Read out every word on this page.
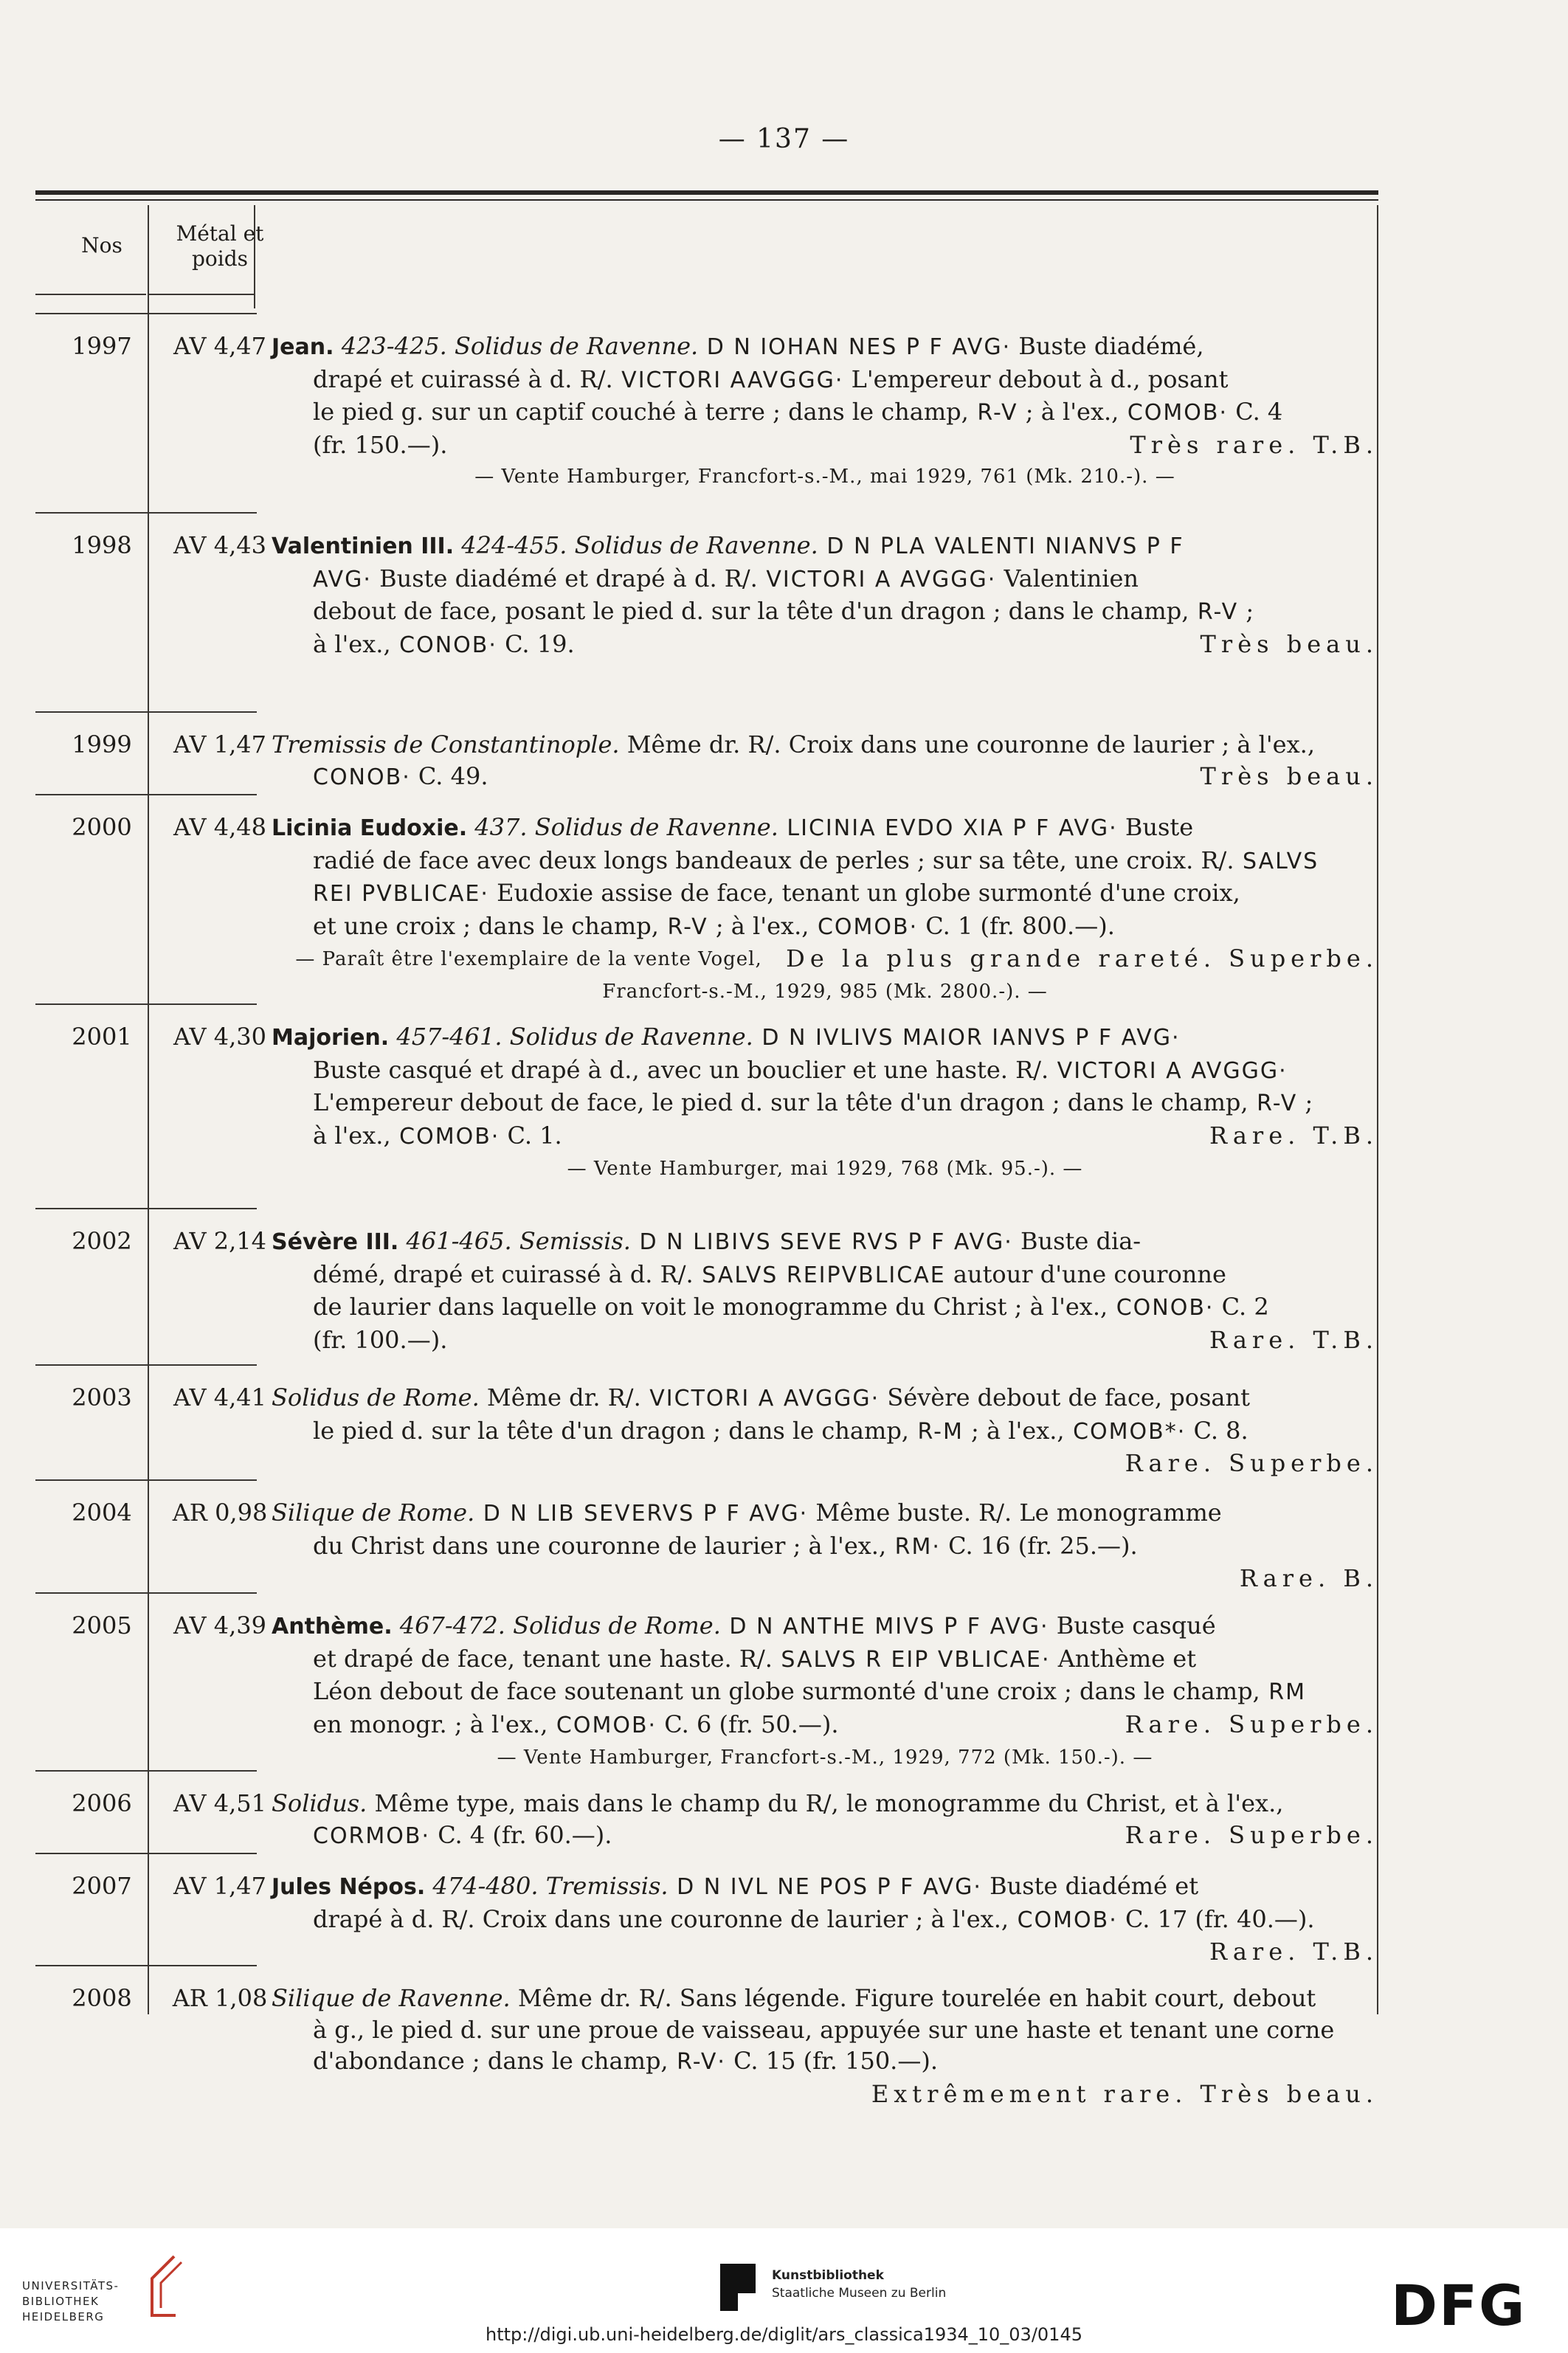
— 137 —
Nos	Métal et
poids
1997	AV 4,47 Jean. 423-425. Solidus de Ravenne. D N IOHAN NES P F AVG· Buste diadémé,
drapé et cuirassé à d. R/. VICTORI AAVGGG· L'empereur debout à d., posant
le pied g. sur un captif couché à terre ; dans le champ, R-V ; à l'ex., COMOB· C. 4
(fr. 150.—).	Très rare. T.B.
— Vente Hamburger, Francfort-s.-M., mai 1929, 761 (Mk. 210.-). —
1998	AV 4,43 Valentinien III. 424-455. Solidus de Ravenne. D N PLA VALENTI NIANVS P F
AVG· Buste diadémé et drapé à d. R/. VICTORI A AVGGG· Valentinien
debout de face, posant le pied d. sur la tête d'un dragon ; dans le champ, R-V ;
à l'ex., CONOB· C. 19.	Très beau.
1999	AV 1,47 Tremissis de Constantinople. Même dr. R/. Croix dans une couronne de laurier ; à l'ex.,
CONOB· C. 49.	Très beau.
2000	AV 4,48 Licinia Eudoxie. 437. Solidus de Ravenne. LICINIA EVDO XIA P F AVG· Buste
radié de face avec deux longs bandeaux de perles ; sur sa tête, une croix. R/. SALVS
REI PVBLICAE· Eudoxie assise de face, tenant un globe surmonté d'une croix,
et une croix ; dans le champ, R-V ; à l'ex., COMOB· C. 1 (fr. 800.—).
De la plus grande rareté. Superbe.
— Paraît être l'exemplaire de la vente Vogel, Francfort-s.-M., 1929, 985 (Mk. 2800.-). —
2001	AV 4,30 Majorien. 457-461. Solidus de Ravenne. D N IVLIVS MAIOR IANVS P F AVG·
Buste casqué et drapé à d., avec un bouclier et une haste. R/. VICTORI A AVGGG·
L'empereur debout de face, le pied d. sur la tête d'un dragon ; dans le champ, R-V ;
à l'ex., COMOB· C. 1.	Rare. T.B.
— Vente Hamburger, mai 1929, 768 (Mk. 95.-). —
2002	AV 2,14 Sévère III. 461-465. Semissis. D N LIBIVS SEVE RVS P F AVG· Buste dia-
démé, drapé et cuirassé à d. R/. SALVS REIPVBLICAE autour d'une couronne
de laurier dans laquelle on voit le monogramme du Christ ; à l'ex., CONOB· C. 2
(fr. 100.—).	Rare. T.B.
2003	AV 4,41 Solidus de Rome. Même dr. R/. VICTORI A AVGGG· Sévère debout de face, posant
le pied d. sur la tête d'un dragon ; dans le champ, R-M ; à l'ex., COMOB*· C. 8.
Rare. Superbe.
2004	AR 0,98 Silique de Rome. D N LIB SEVERVS P F AVG· Même buste. R/. Le monogramme
du Christ dans une couronne de laurier ; à l'ex., RM· C. 16 (fr. 25.—).
Rare. B.
2005	AV 4,39 Anthème. 467-472. Solidus de Rome. D N ANTHE MIVS P F AVG· Buste casqué
et drapé de face, tenant une haste. R/. SALVS R EIP VBLICAE· Anthème et
Léon debout de face soutenant un globe surmonté d'une croix ; dans le champ, RM
en monogr. ; à l'ex., COMOB· C. 6 (fr. 50.—).	Rare. Superbe.
— Vente Hamburger, Francfort-s.-M., 1929, 772 (Mk. 150.-). —
2006	AV 4,51 Solidus. Même type, mais dans le champ du R/, le monogramme du Christ, et à l'ex.,
CORMOB· C. 4 (fr. 60.—).	Rare. Superbe.
2007	AV 1,47 Jules Népos. 474-480. Tremissis. D N IVL NE POS P F AVG· Buste diadémé et
drapé à d. R/. Croix dans une couronne de laurier ; à l'ex., COMOB· C. 17 (fr. 40.—).
Rare. T.B.
2008	AR 1,08 Silique de Ravenne. Même dr. R/. Sans légende. Figure tourelée en habit court, debout
à g., le pied d. sur une proue de vaisseau, appuyée sur une haste et tenant une corne
d'abondance ; dans le champ, R-V· C. 15 (fr. 150.—).
Extrêmement rare. Très beau.
UNIVERSITÄTS-
BIBLIOTHEK
HEIDELBERG
Kunstbibliothek
Staatliche Museen zu Berlin	DFG
http://digi.ub.uni-heidelberg.de/diglit/ars_classica1934_10_03/0145
